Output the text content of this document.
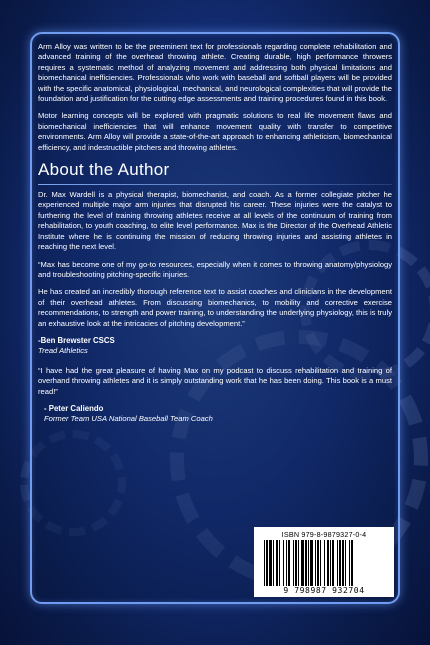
Arm Alloy was written to be the preeminent text for professionals regarding complete rehabilitation and advanced training of the overhead throwing athlete. Creating durable, high performance throwers requires a systematic method of analyzing movement and addressing both physical limitations and biomechanical inefficiencies. Professionals who work with baseball and softball players will be provided with the specific anatomical, physiological, mechanical, and neurological complexities that will provide the foundation and justification for the cutting edge assessments and training procedures found in this book.

Motor learning concepts will be explored with pragmatic solutions to real life movement flaws and biomechanical inefficiencies that will enhance movement quality with transfer to competitive environments. Arm Alloy will provide a state-of-the-art approach to enhancing athleticism, biomechanical efficiency, and indestructible pitchers and throwing athletes.

About the Author

Dr. Max Wardell is a physical therapist, biomechanist, and coach. As a former collegiate pitcher he experienced multiple major arm injuries that disrupted his career. These injuries were the catalyst to furthering the level of training throwing athletes receive at all levels of the continuum of training from rehabilitation, to youth coaching, to elite level performance. Max is the Director of the Overhead Athletic Institute where he is continuing the mission of reducing throwing injuries and assisting athletes in reaching the next level.

“Max has become one of my go-to resources, especially when it comes to throwing anatomy/physiology and troubleshooting pitching-specific injuries.

He has created an incredibly thorough reference text to assist coaches and clinicians in the development of their overhead athletes. From discussing biomechanics, to mobility and corrective exercise recommendations, to strength and power training, to understanding the underlying physiology, this is truly an exhaustive look at the intricacies of pitching development.”

-Ben Brewster CSCS

Tread Athletics

“I have had the great pleasure of having Max on my podcast to discuss rehabilitation and training of overhand throwing athletes and it is simply outstanding work that he has been doing. This book is a must read!”

- Peter Caliendo

Former Team USA National Baseball Team Coach

ISBN 979-8-9879327-0-4

9 798987 932704
